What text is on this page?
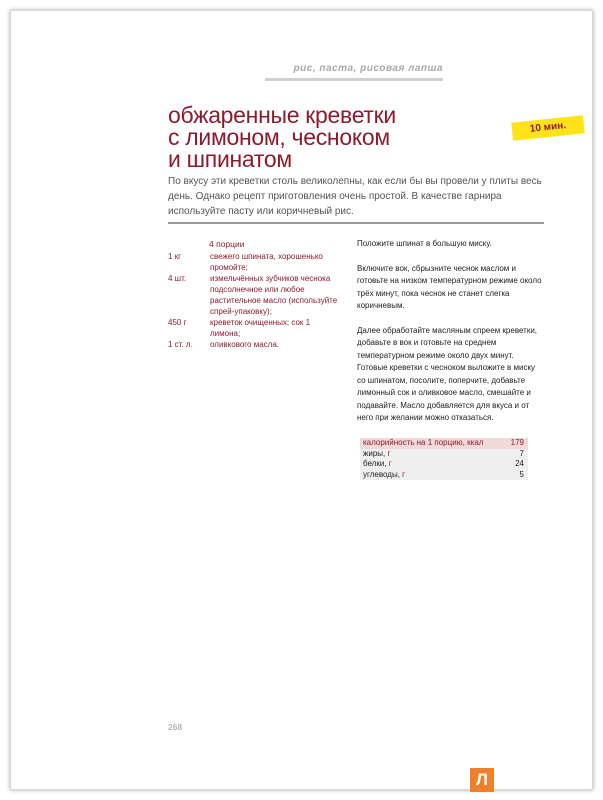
рис, паста, рисовая лапша
обжаренные креветки
с лимоном, чесноком
и шпинатом
10 мин.
По вкусу эти креветки столь великолепны, как если бы вы провели у плиты весь день. Однако рецепт приготовления очень простой. В качестве гарнира используйте пасту или коричневый рис.
4 порции
1 кг	свежего шпината, хорошенько промойте;
4 шт.	измельчённых зубчиков чеснока подсолнечное или любое растительное масло (используйте спрей-упаковку);
450 г	креветок очищенных; сок 1 лимона;
1 ст. л.	оливкового масла.

Положите шпинат в большую миску.

Включите вок, сбрызните чеснок маслом и готовьте на низком температурном режиме около трёх минут, пока чеснок не станет слегка коричневым.

Далее обработайте масляным спреем креветки, добавьте в вок и готовьте на среднем температурном режиме около двух минут. Готовые креветки с чесноком выложите в миску со шпинатом, посолите, поперчите, добавьте лимонный сок и оливковое масло, смешайте и подавайте. Масло добавляется для вкуса и от него при желании можно отказаться.

калорийность на 1 порцию, ккал	179
жиры, г	7
белки, г	24
углеводы, г	5
268
Л
